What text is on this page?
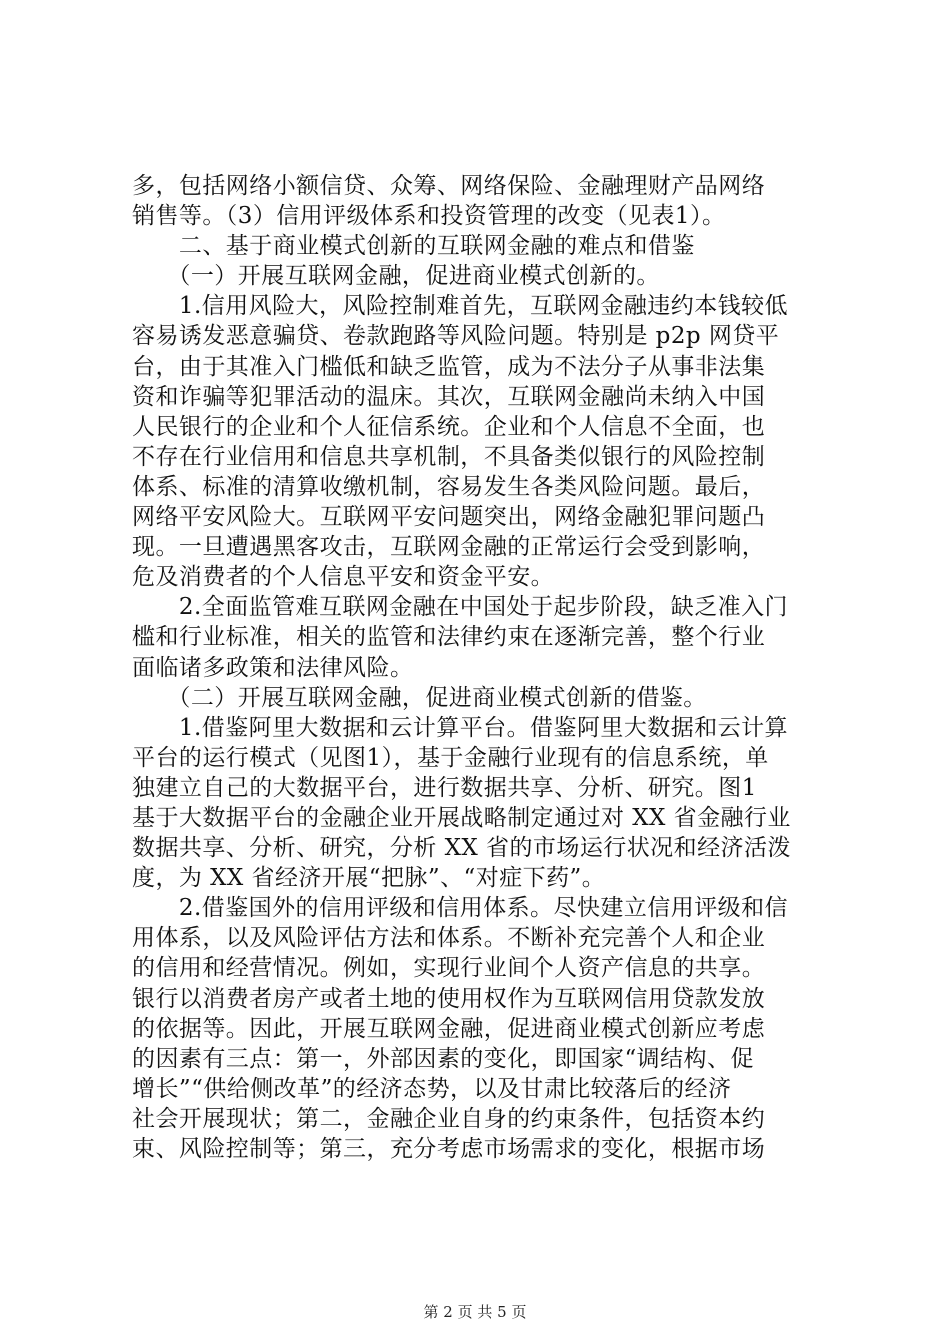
多，包括网络小额信贷、众筹、网络保险、金融理财产品网络
销售等。（3）信用评级体系和投资管理的改变（见表1）。
　　二、基于商业模式创新的互联网金融的难点和借鉴
　　（一）开展互联网金融，促进商业模式创新的。
　　1.信用风险大，风险控制难首先，互联网金融违约本钱较低
容易诱发恶意骗贷、卷款跑路等风险问题。特别是 p2p 网贷平
台，由于其准入门槛低和缺乏监管，成为不法分子从事非法集
资和诈骗等犯罪活动的温床。其次，互联网金融尚未纳入中国
人民银行的企业和个人征信系统。企业和个人信息不全面，也
不存在行业信用和信息共享机制，不具备类似银行的风险控制
体系、标准的清算收缴机制，容易发生各类风险问题。最后，
网络平安风险大。互联网平安问题突出，网络金融犯罪问题凸
现。一旦遭遇黑客攻击，互联网金融的正常运行会受到影响，
危及消费者的个人信息平安和资金平安。
　　2.全面监管难互联网金融在中国处于起步阶段，缺乏准入门
槛和行业标准，相关的监管和法律约束在逐渐完善，整个行业
面临诸多政策和法律风险。
　　（二）开展互联网金融，促进商业模式创新的借鉴。
　　1.借鉴阿里大数据和云计算平台。借鉴阿里大数据和云计算
平台的运行模式（见图1），基于金融行业现有的信息系统，单
独建立自己的大数据平台，进行数据共享、分析、研究。图1
基于大数据平台的金融企业开展战略制定通过对 XX 省金融行业
数据共享、分析、研究，分析 XX 省的市场运行状况和经济活泼
度，为 XX 省经济开展“把脉”、“对症下药”。
　　2.借鉴国外的信用评级和信用体系。尽快建立信用评级和信
用体系，以及风险评估方法和体系。不断补充完善个人和企业
的信用和经营情况。例如，实现行业间个人资产信息的共享。
银行以消费者房产或者土地的使用权作为互联网信用贷款发放
的依据等。因此，开展互联网金融，促进商业模式创新应考虑
的因素有三点：第一，外部因素的变化，即国家“调结构、促
增长”“供给侧改革”的经济态势，以及甘肃比较落后的经济
社会开展现状；第二，金融企业自身的约束条件，包括资本约
束、风险控制等；第三，充分考虑市场需求的变化，根据市场
第 2 页 共 5 页
